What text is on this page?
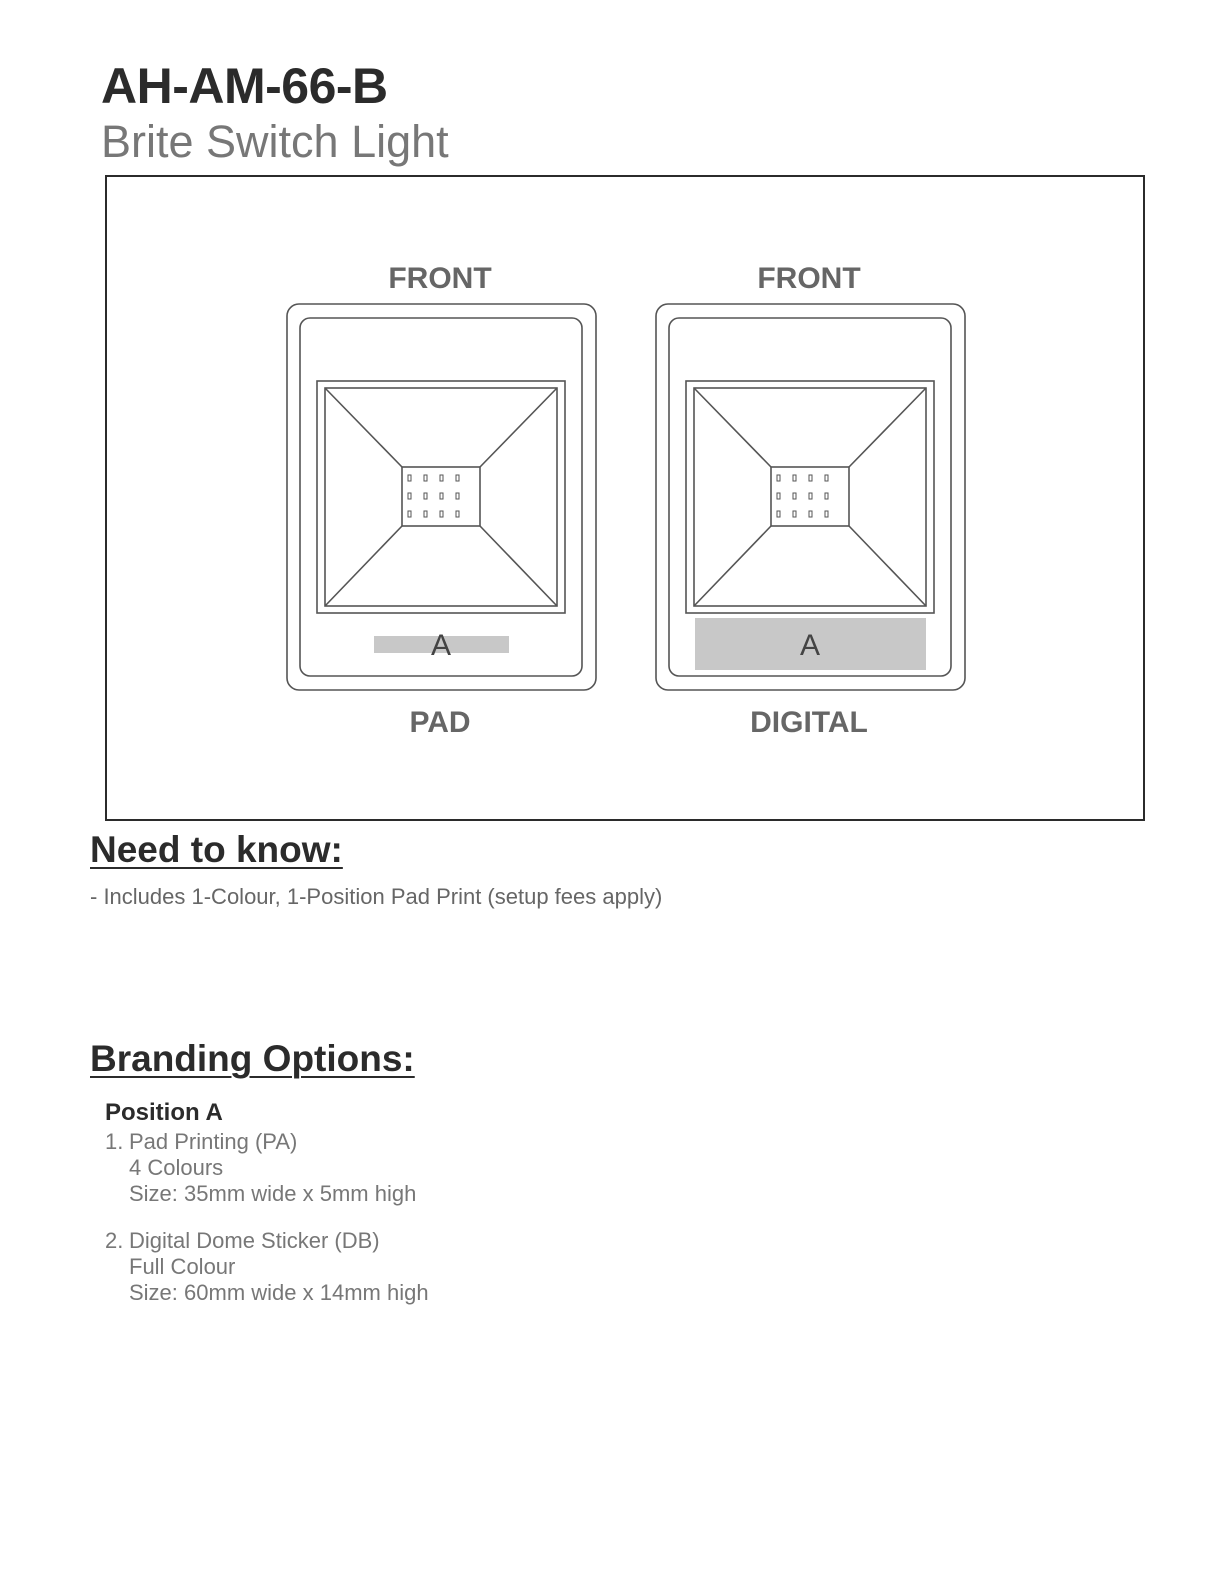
AH-AM-66-B
Brite Switch Light
FRONT
A
PAD
FRONT
A
DIGITAL
Need to know:
- Includes 1-Colour, 1-Position Pad Print (setup fees apply)
Branding Options:
Position A
1. Pad Printing (PA)
4 Colours
Size: 35mm wide x 5mm high
2. Digital Dome Sticker (DB)
Full Colour
Size: 60mm wide x 14mm high
